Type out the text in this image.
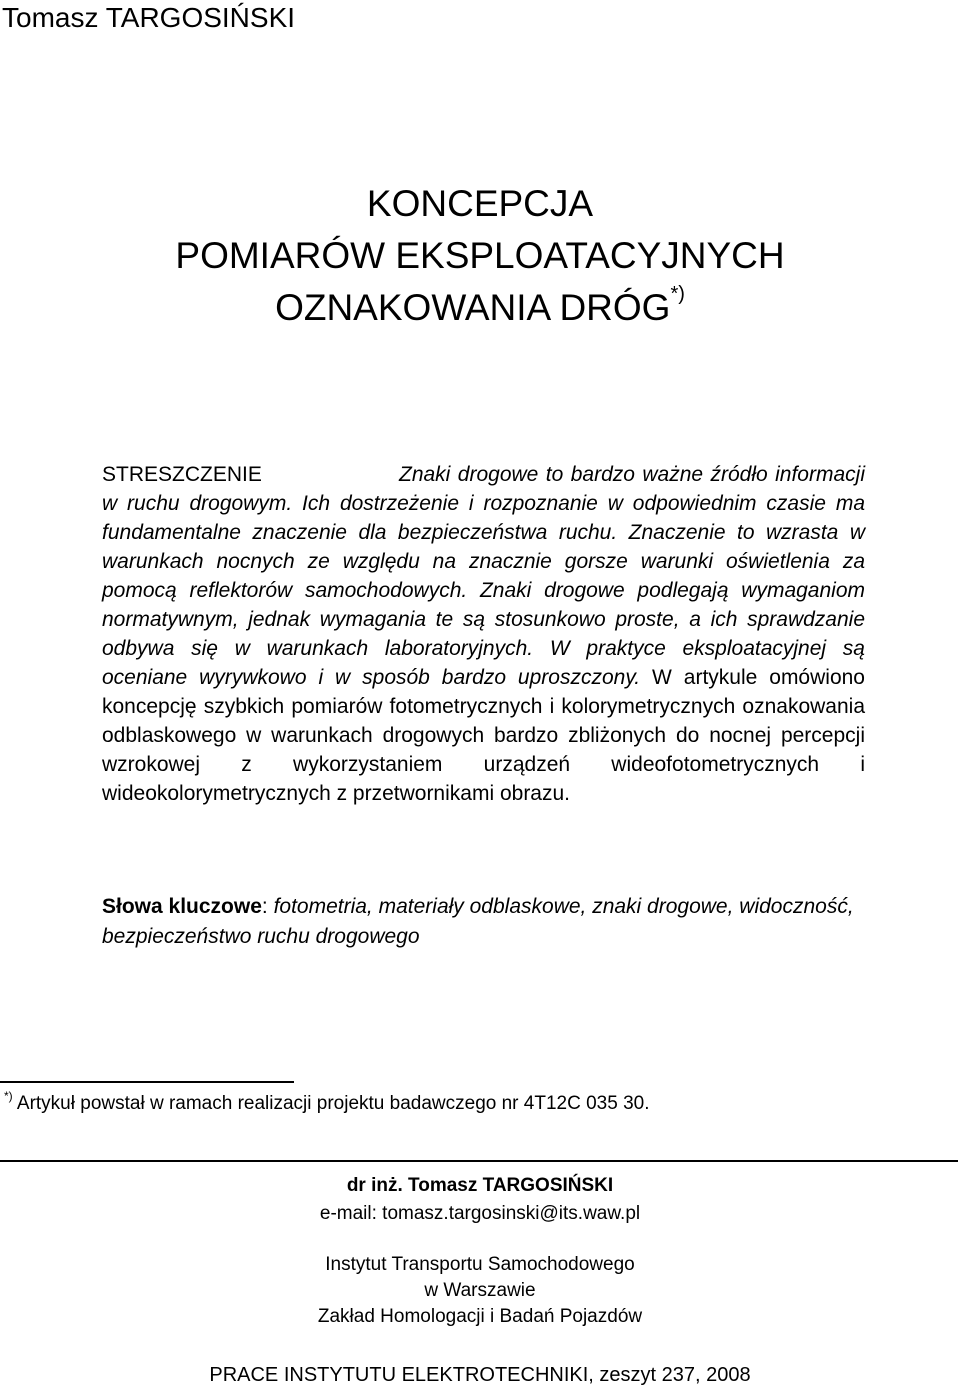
Tomasz TARGOSIŃSKI
KONCEPCJA
POMIARÓW EKSPLOATACYJNYCH
OZNAKOWANIA DRÓG*)
STRESZCZENIE	Znaki drogowe to bardzo ważne źródło informacji w ruchu drogowym. Ich dostrzeżenie i rozpoznanie w odpowiednim czasie ma fundamentalne znaczenie dla bezpieczeństwa ruchu. Znaczenie to wzrasta w warunkach nocnych ze względu na znacznie gorsze warunki oświetlenia za pomocą reflektorów samochodowych. Znaki drogowe podlegają wymaganiom normatywnym, jednak wymagania te są stosunkowo proste, a ich sprawdzanie odbywa się w warunkach laboratoryjnych. W praktyce eksploatacyjnej są oceniane wyrywkowo i w sposób bardzo uproszczony. W artykule omówiono koncepcję szybkich pomiarów fotometrycznych i kolorymetrycznych oznakowania odblaskowego w warunkach drogowych bardzo zbliżonych do nocnej percepcji wzrokowej z wykorzystaniem urządzeń wideofotometrycznych i wideokolorymetrycznych z przetwornikami obrazu.
Słowa kluczowe: fotometria, materiały odblaskowe, znaki drogowe, widoczność, bezpieczeństwo ruchu drogowego
*) Artykuł powstał w ramach realizacji projektu badawczego nr 4T12C 035 30.
dr inż. Tomasz TARGOSIŃSKI
e-mail: tomasz.targosinski@its.waw.pl
Instytut Transportu Samochodowego
w Warszawie
Zakład Homologacji i Badań Pojazdów
PRACE INSTYTUTU ELEKTROTECHNIKI, zeszyt 237, 2008
